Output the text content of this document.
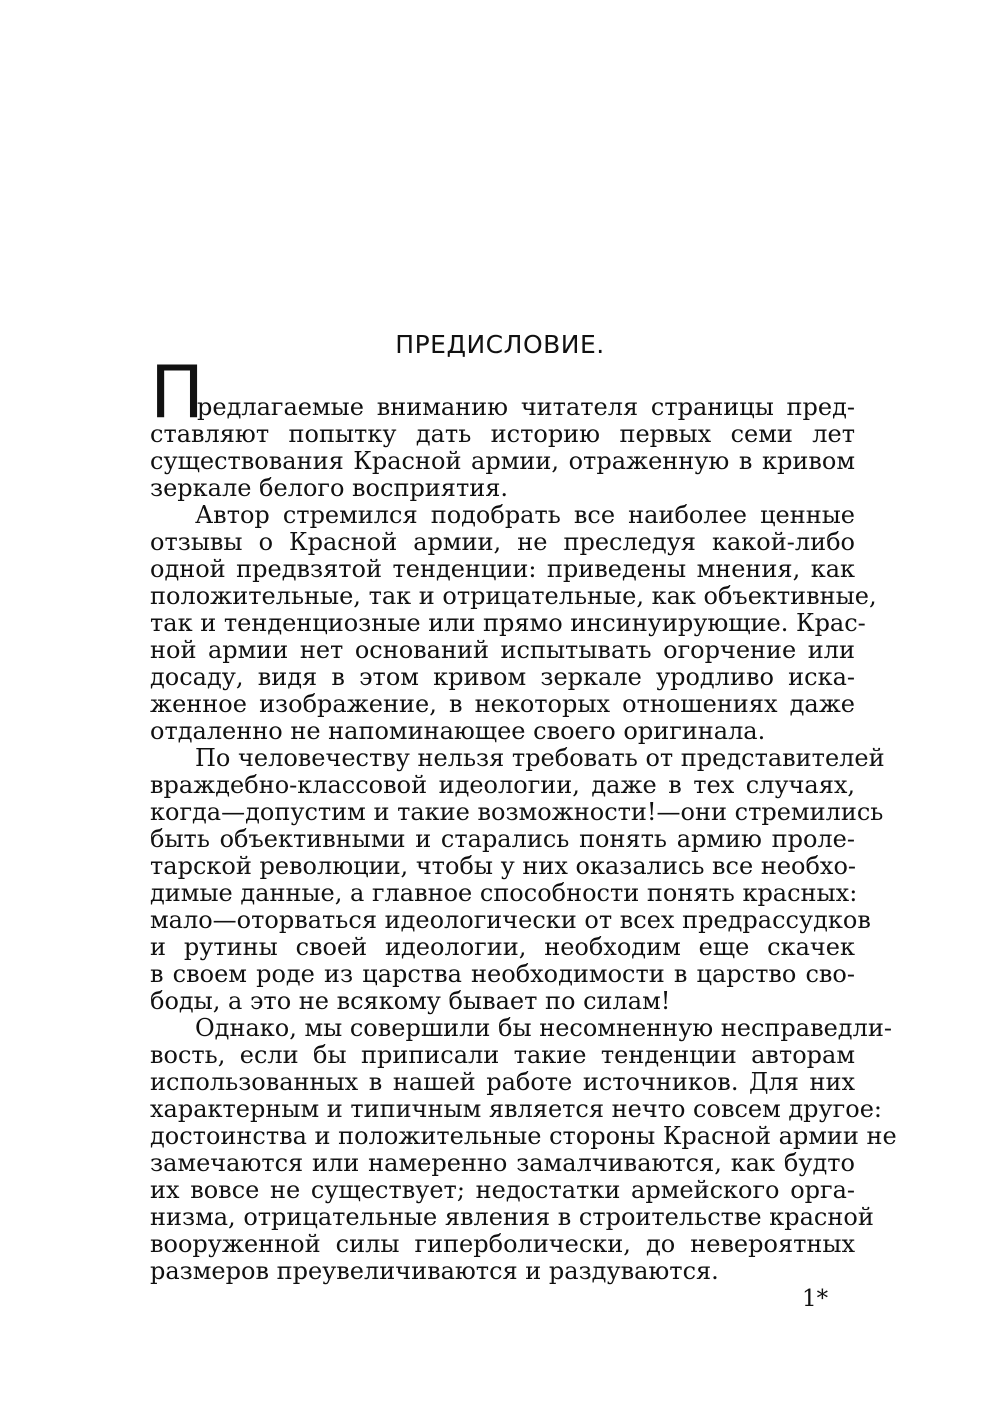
ПРЕДИСЛОВИЕ.
П
редлагаемые вниманию читателя страницы пред-
ставляют попытку дать историю первых семи лет
существования Красной армии, отраженную в кривом
зеркале белого восприятия.
Автор стремился подобрать все наиболее ценные
отзывы о Красной армии, не преследуя какой-либо
одной предвзятой тенденции: приведены мнения, как
положительные, так и отрицательные, как объективные,
так и тенденциозные или прямо инсинуирующие. Крас-
ной армии нет оснований испытывать огорчение или
досаду, видя в этом кривом зеркале уродливо иска-
женное изображение, в некоторых отношениях даже
отдаленно не напоминающее своего оригинала.
По человечеству нельзя требовать от представителей
враждебно-классовой идеологии, даже в тех случаях,
когда—допустим и такие возможности!—они стремились
быть объективными и старались понять армию проле-
тарской революции, чтобы у них оказались все необхо-
димые данные, а главное способности понять красных:
мало—оторваться идеологически от всех предрассудков
и рутины своей идеологии, необходим еще скачек
в своем роде из царства необходимости в царство сво-
боды, а это не всякому бывает по силам!
Однако, мы совершили бы несомненную несправедли-
вость, если бы приписали такие тенденции авторам
использованных в нашей работе источников. Для них
характерным и типичным является нечто совсем другое:
достоинства и положительные стороны Красной армии не
замечаются или намеренно замалчиваются, как будто
их вовсе не существует; недостатки армейского орга-
низма, отрицательные явления в строительстве красной
вооруженной силы гиперболически, до невероятных
размеров преувеличиваются и раздуваются.
1*
